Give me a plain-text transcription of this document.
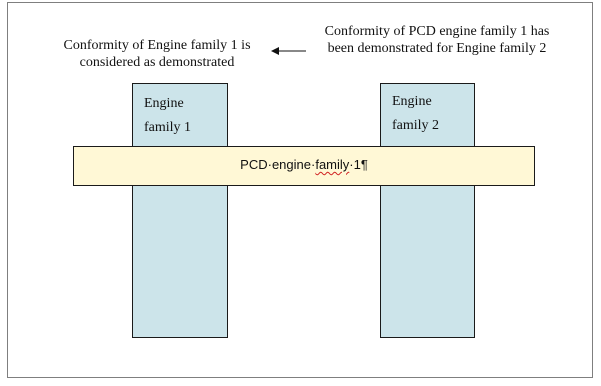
Conformity of Engine family 1 is
considered as demonstrated
Conformity of PCD engine family 1 has
been demonstrated for Engine family 2
Engine
family 1
Engine
family 2
PCD·engine·family·1¶
